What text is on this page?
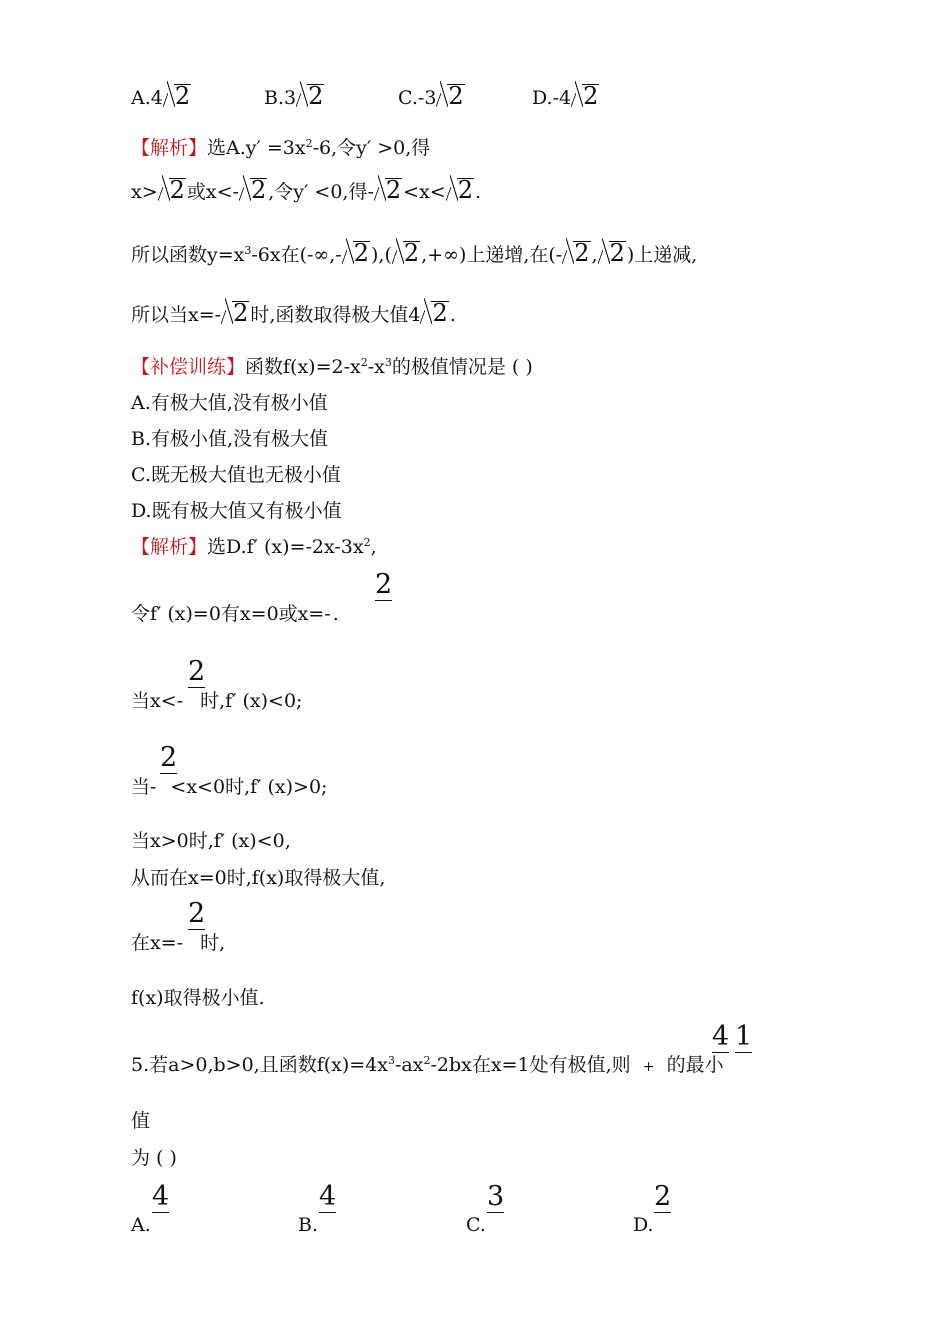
A.4 2	B.3 2	C.-3 2	D.-4 2
【解析】选$A.y' =3x^2-6$,令y′ >0,得
x> 2 或x<- 2 ,令y′ <0,得- 2 <x< 2 .
所以函数$y=x^3-6x$在(-∞,- 2 ),( 2 ,+∞)上递增,在(- 2 , 2 )上递减,
所以当x=- 2 时,函数取得极大值4 2 .
【补偿训练】函数$f(x)=2-x^2-x^3$的极值情况是 ( )
A.有极大值,没有极小值
B.有极小值,没有极大值
C.既无极大值也无极小值
D.既有极大值又有极小值
【解析】选D.f′ $(x)=-2x-3x^2$,
2
令f′ (x)=0有x=0或x=- .
2
当x<- 时,f′ (x)<0;
2
当- <x<0时,f′ (x)>0;
当x>0时,f′ (x)<0,
从而在x=0时,f(x)取得极大值,
2
在x=- 时,
f(x)取得极小值.
4 1
5.若a>0,b>0,且函数$f(x)=4x^3-ax^2-2bx$在x=1处有极值,则 + 的最小
值
为 ( )
4	4	3	2
A.	B.	C.	D.
